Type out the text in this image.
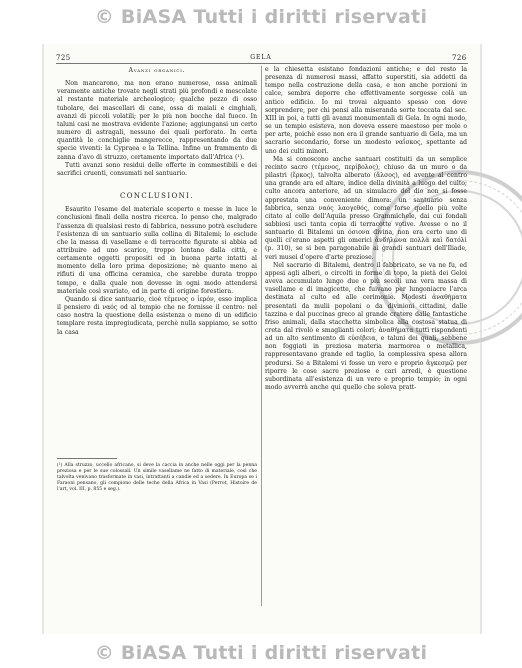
© BiASA Tutti i diritti riservati
725	GELA	726
Avanzi organici.

Non mancarono, ma non erano numerose, ossa animali veramente antiche trovate negli strati più profondi e mescolate al restante materiale archeologico; qualche pezzo di osso tubolare, dei mascellari di cane, ossa di maiali e cinghiali, avanzi di piccoli volatili; per le più non bocche dal fuoco. In taluni casi ne mostrava evidente l'azione; aggiungansi un certo numero di astragali, nessuno dei quali perforato. In certa quantità le conchiglie mangerecce, rappresentando da due specie viventi: la Cypraea e la Tellina. Infine un frammento di zanna d'avo di struzzo, certamente importato dall'Africa (¹).

Tutti avanzi sono residui delle offerte in commestibili e dei sacrifici cruenti, consumati nel santuario.

CONCLUSIONI.

Esaurito l'esame del materiale scoperto e messe in luce le conclusioni finali della nostra ricerca. Io penso che, malgrado l'assenza di qualsiasi resto di fabbrica, nessuno potrà escludere l'esistenza di un santuario sulla collina di Bitalemi; lo esclude che la massa di vasellame e di terracotte figurate si abbia ad attribuire ad uno scarico, troppo lontano dalla città, e certamente oggetti propositi ed in buona parte intatti al momento della loro prima deposizione; nè quanto meno ai rifiuti di una officina ceramica, che sarebbe durata troppo tempo, e dalla quale non dovesse in ogni modo attendersi materiale così svariato, ed in parte di origine forestiera.

Quando si dice santuario, cioè τέμενος o ἱερόν, esso implica il pensiero di ναός od al tempio che ne fornisse il centro: nel caso nostra la questione della esistenza o meno di un edificio templare resta impregiudicata, perchè nulla sappiamo, se sotto la casa

(¹) Alla struzzo, uccello africano, si deve la caccia in anche nelle oggi per la penna preziosa e per le sue colossali. Un simile vasellame ne fatto di materiale, così che talvolta venivano trasformate in vasi, intrattanti a candie ed a sedere. In Europa se i Faraoni pensano, gli compiono delle teche della Africa in Vasi (Perrot, Histoire de l'art, vol. III, p. 855 e seg.).

e la chiesetta esistano fondazioni antiche; e del resto la presenza di numerosi massi, affatto superstiti, sia addetti da tempo nella costruzione della casa, e non anche porzioni in calce, sembra deporre che effettivamente sorgesse colà un antico edificio. Io mi trovai alquanto spesso con dove sorprendere, per chi pensi alla miseranda sorte toccata dal sec. XIII in poi, a tutti gli avanzi monumentali di Gela. In ogni modo, se un tempio esisteva, non doveva essere maestoso per mole o per arte, poichè esso non era il grande santuario di Gela, ma un sacrario secondario, forse un modesto ναΐσκος, spettante ad uno dei culti minori.

Ma si conoscono anche santuari costituiti da un semplice recinto sacro (τέμενος, περίβολος), chiuso da un muro o da pilastri (ἕρκος), talvolta alberato (ἄλσος), ed avente al centro una grande ara ed altare, indice della divinità a luogo del culto; culto ancora anteriore, ad un simulacro del dio non si fosse apprestata una conveniente dimora: un santuario senza fabbrica, senza ναός λαογεθός, come forse quello più volte citato al colle dell'Aquila presso Grammichele, dai cui fondali sabbiosi uscì tanta copia di terracotte votive. Avesse o no il santuario di Bitalemi un όσιονα divina, non era certo uno di quelli ci'erano aspetti gli omerici ἀνδήλωνα πολλὰ καὶ δατόλὶ (p. 310), se si ben paragonabile ai grandi santuari dell'Iliade, veri musei d'opere d'arte preziose.

Nel sacrario di Bitalemi, dentro il fabbricato, se va ne fu, ed appesi agli alberi, o circolti in forme di topo, la pietà dei Geloi aveva accumulato lungo due o più secoli una vera massa di vasellame e di imagicette, che fuivano per lungoniacre l'arca destinata al culto ed alle cerimonie. Modesti ἀναθήματα presentati da mulii popolani o da divinioni cittadini, dalle tazzina e dal puccinas greco al grande cratere dalle fantastiche friso animali, dalla stacchetta simbolica alla costosa statua di creta dal rivolò e smaglianti colori; ἀναθήματα tutti rispondenti ad un alto sentimento di εὐσέβεια, e taluni dei quali, sebbene non foggiati in preziosa materia marmorea o metallica, rappresentavano grande ed taglio, la complessiva spesa allora prodursi. Se a Bitalemi vi fosse un vero e proprio ἄγκεσμῷ per riporre le cose sacre preziose e cari arredi, è questione subordinata all'esistenza di un vero e proprio tempio; in ogni modo avverrà anche qui quello che soleva pratt-

© BiASA Tutti i diritti riservati
